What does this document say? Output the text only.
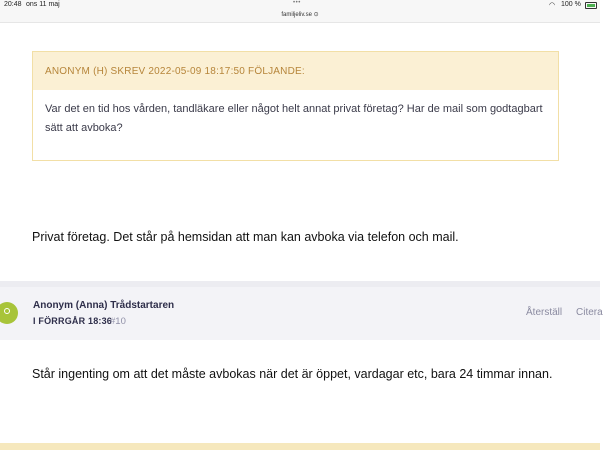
20:48 ons 11 maj	•••
familjeliv.se ⊙
◠ 100 %
ANONYM (H) SKREV 2022-05-09 18:17:50 FÖLJANDE:
Var det en tid hos vården, tandläkare eller något helt annat privat företag? Har de mail som godtagbart sätt att avboka?
Privat företag. Det står på hemsidan att man kan avboka via telefon och mail.
Anonym (Anna) Trådstartaren
I FÖRRGÅR 18:36
#10
Återställ Citera
Står ingenting om att det måste avbokas när det är öppet, vardagar etc, bara 24 timmar innan.
